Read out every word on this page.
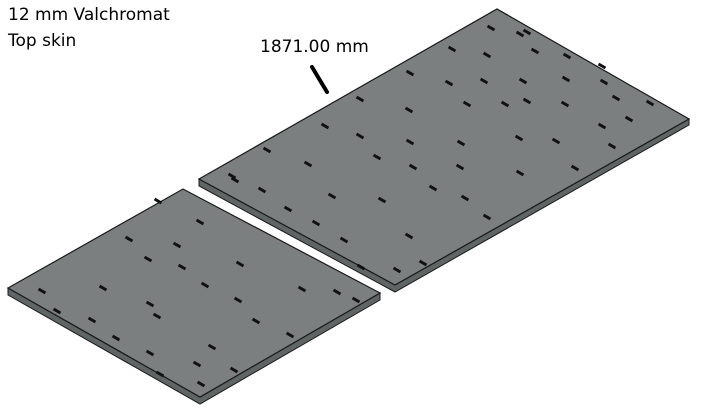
12 mm Valchromat
Top skin	1871.00 mm
